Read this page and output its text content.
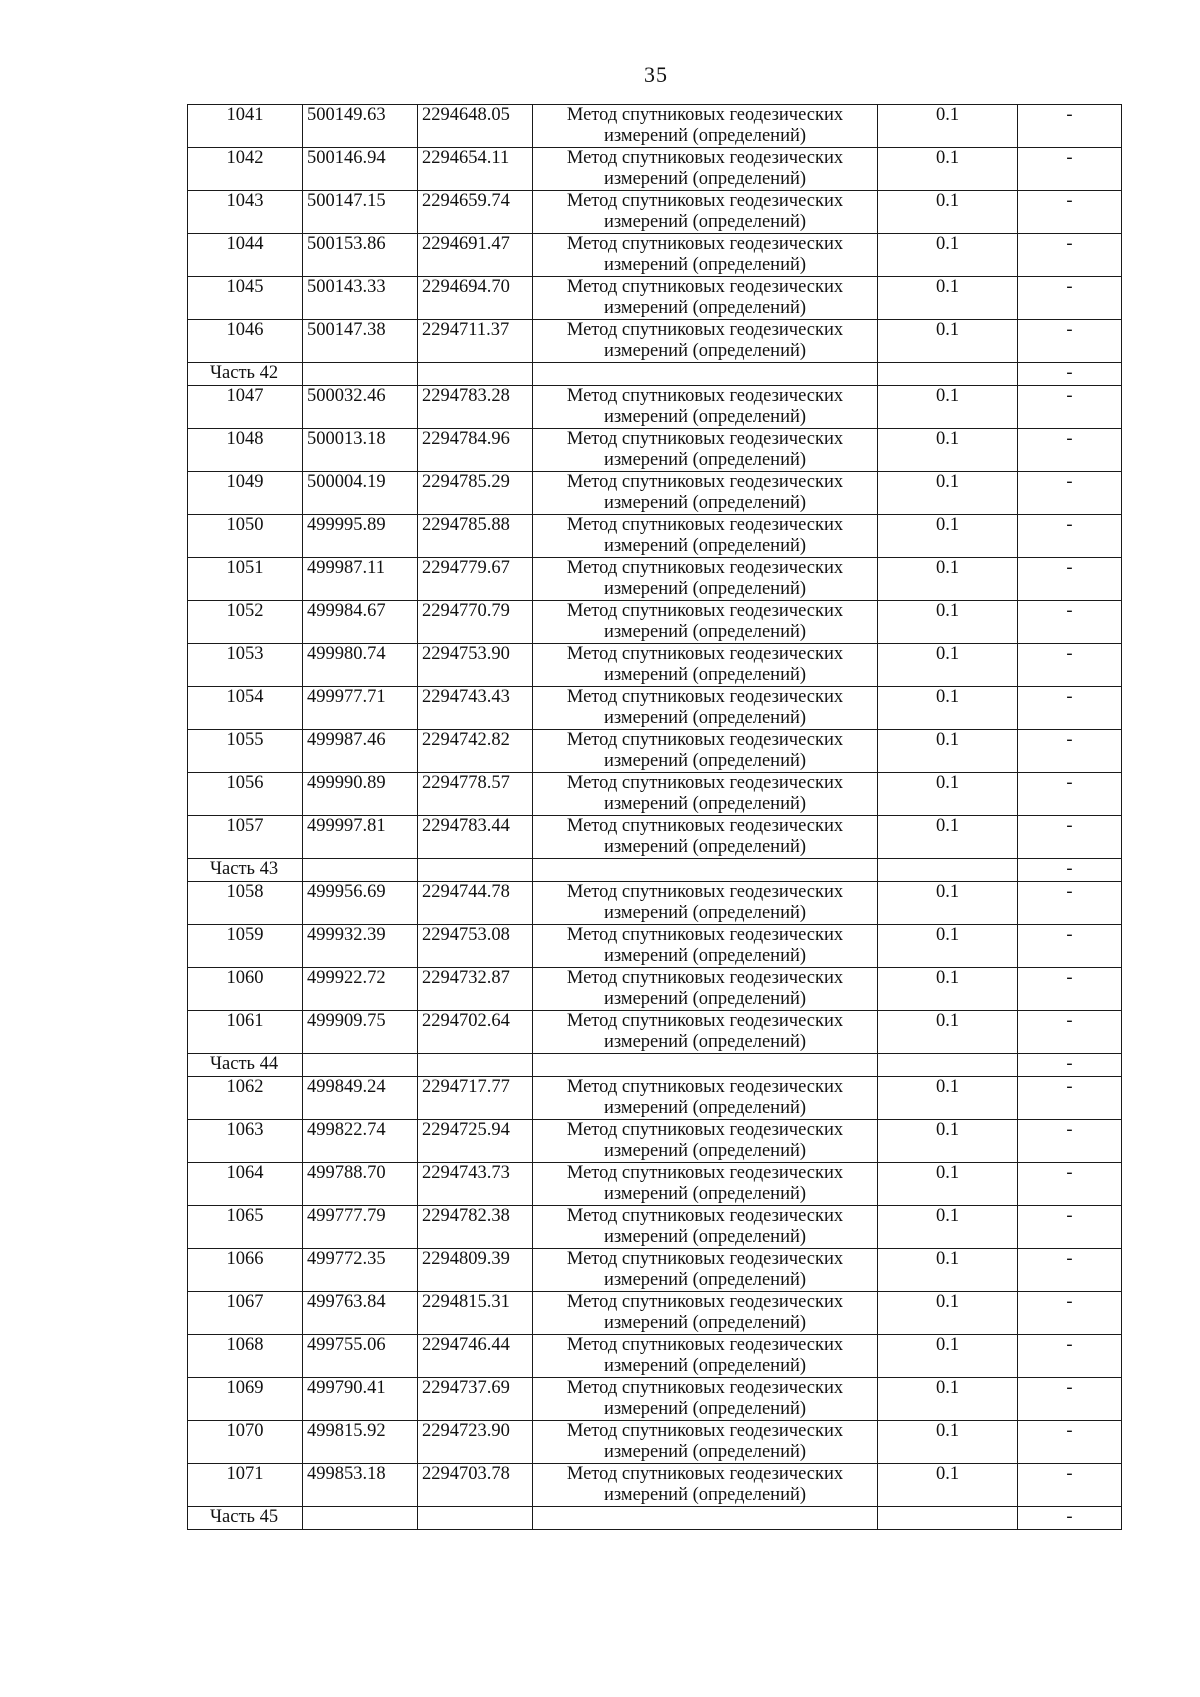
35
1041	500149.63	2294648.05	Метод спутниковых геодезических измерений (определений)	0.1	-
1042	500146.94	2294654.11	Метод спутниковых геодезических измерений (определений)	0.1	-
1043	500147.15	2294659.74	Метод спутниковых геодезических измерений (определений)	0.1	-
1044	500153.86	2294691.47	Метод спутниковых геодезических измерений (определений)	0.1	-
1045	500143.33	2294694.70	Метод спутниковых геодезических измерений (определений)	0.1	-
1046	500147.38	2294711.37	Метод спутниковых геодезических измерений (определений)	0.1	-
Часть 42					-
1047	500032.46	2294783.28	Метод спутниковых геодезических измерений (определений)	0.1	-
1048	500013.18	2294784.96	Метод спутниковых геодезических измерений (определений)	0.1	-
1049	500004.19	2294785.29	Метод спутниковых геодезических измерений (определений)	0.1	-
1050	499995.89	2294785.88	Метод спутниковых геодезических измерений (определений)	0.1	-
1051	499987.11	2294779.67	Метод спутниковых геодезических измерений (определений)	0.1	-
1052	499984.67	2294770.79	Метод спутниковых геодезических измерений (определений)	0.1	-
1053	499980.74	2294753.90	Метод спутниковых геодезических измерений (определений)	0.1	-
1054	499977.71	2294743.43	Метод спутниковых геодезических измерений (определений)	0.1	-
1055	499987.46	2294742.82	Метод спутниковых геодезических измерений (определений)	0.1	-
1056	499990.89	2294778.57	Метод спутниковых геодезических измерений (определений)	0.1	-
1057	499997.81	2294783.44	Метод спутниковых геодезических измерений (определений)	0.1	-
Часть 43					-
1058	499956.69	2294744.78	Метод спутниковых геодезических измерений (определений)	0.1	-
1059	499932.39	2294753.08	Метод спутниковых геодезических измерений (определений)	0.1	-
1060	499922.72	2294732.87	Метод спутниковых геодезических измерений (определений)	0.1	-
1061	499909.75	2294702.64	Метод спутниковых геодезических измерений (определений)	0.1	-
Часть 44					-
1062	499849.24	2294717.77	Метод спутниковых геодезических измерений (определений)	0.1	-
1063	499822.74	2294725.94	Метод спутниковых геодезических измерений (определений)	0.1	-
1064	499788.70	2294743.73	Метод спутниковых геодезических измерений (определений)	0.1	-
1065	499777.79	2294782.38	Метод спутниковых геодезических измерений (определений)	0.1	-
1066	499772.35	2294809.39	Метод спутниковых геодезических измерений (определений)	0.1	-
1067	499763.84	2294815.31	Метод спутниковых геодезических измерений (определений)	0.1	-
1068	499755.06	2294746.44	Метод спутниковых геодезических измерений (определений)	0.1	-
1069	499790.41	2294737.69	Метод спутниковых геодезических измерений (определений)	0.1	-
1070	499815.92	2294723.90	Метод спутниковых геодезических измерений (определений)	0.1	-
1071	499853.18	2294703.78	Метод спутниковых геодезических измерений (определений)	0.1	-
Часть 45					-
